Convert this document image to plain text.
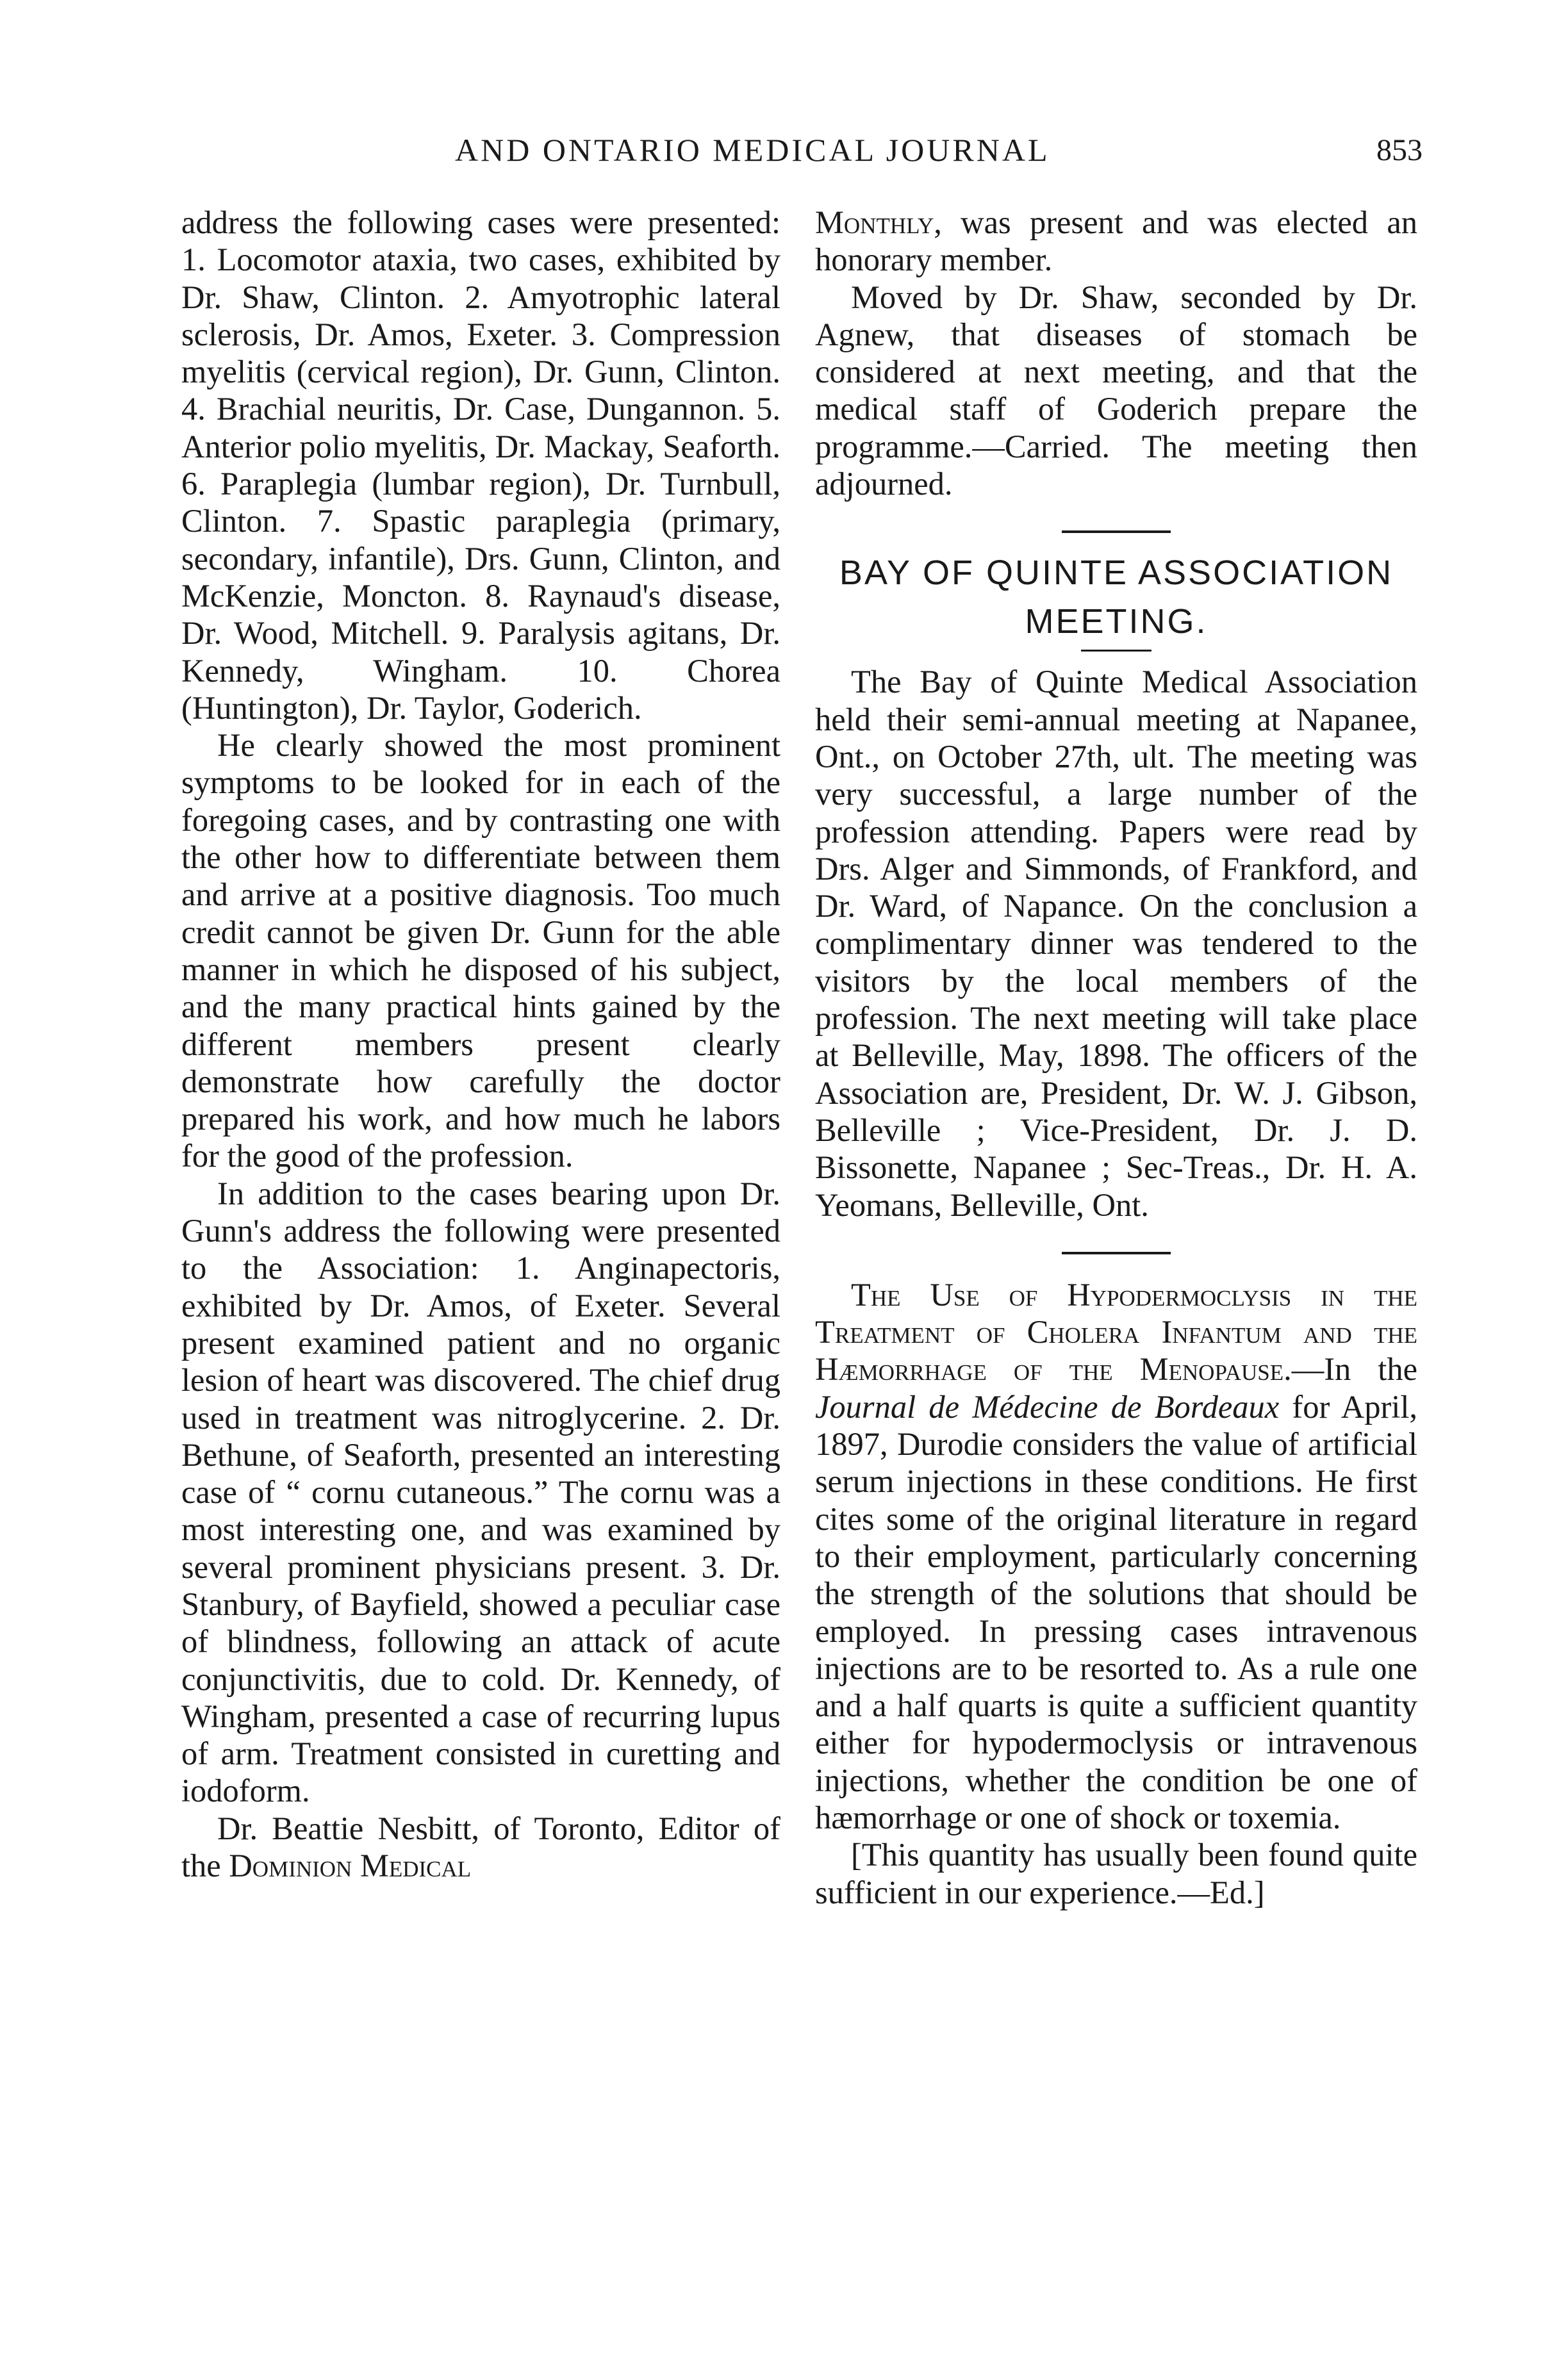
AND ONTARIO MEDICAL JOURNAL	853

address the following cases were presented: 1. Locomotor ataxia, two cases, exhibited by Dr. Shaw, Clinton. 2. Amyotrophic lateral sclerosis, Dr. Amos, Exeter. 3. Compression myelitis (cervical region), Dr. Gunn, Clinton. 4. Brachial neuritis, Dr. Case, Dungannon. 5. Anterior polio myelitis, Dr. Mackay, Seaforth. 6. Paraplegia (lumbar region), Dr. Turnbull, Clinton. 7. Spastic paraplegia (primary, secondary, infantile), Drs. Gunn, Clinton, and McKenzie, Moncton. 8. Raynaud's disease, Dr. Wood, Mitchell. 9. Paralysis agitans, Dr. Kennedy, Wingham. 10. Chorea (Huntington), Dr. Taylor, Goderich.

He clearly showed the most prominent symptoms to be looked for in each of the foregoing cases, and by contrasting one with the other how to differentiate between them and arrive at a positive diagnosis. Too much credit cannot be given Dr. Gunn for the able manner in which he disposed of his subject, and the many practical hints gained by the different members present clearly demonstrate how carefully the doctor prepared his work, and how much he labors for the good of the profession.

In addition to the cases bearing upon Dr. Gunn's address the following were presented to the Association: 1. Anginapectoris, exhibited by Dr. Amos, of Exeter. Several present examined patient and no organic lesion of heart was discovered. The chief drug used in treatment was nitroglycerine. 2. Dr. Bethune, of Seaforth, presented an interesting case of “ cornu cutaneous.” The cornu was a most interesting one, and was examined by several prominent physicians present. 3. Dr. Stanbury, of Bayfield, showed a peculiar case of blindness, following an attack of acute conjunctivitis, due to cold. Dr. Kennedy, of Wingham, presented a case of recurring lupus of arm. Treatment consisted in curetting and iodoform.

Dr. Beattie Nesbitt, of Toronto, Editor of the Dominion Medical

Monthly, was present and was elected an honorary member.

Moved by Dr. Shaw, seconded by Dr. Agnew, that diseases of stomach be considered at next meeting, and that the medical staff of Goderich prepare the programme.—Carried. The meeting then adjourned.

BAY OF QUINTE ASSOCIATION
MEETING.

The Bay of Quinte Medical Association held their semi-annual meeting at Napanee, Ont., on October 27th, ult. The meeting was very successful, a large number of the profession attending. Papers were read by Drs. Alger and Simmonds, of Frankford, and Dr. Ward, of Napance. On the conclusion a complimentary dinner was tendered to the visitors by the local members of the profession. The next meeting will take place at Belleville, May, 1898. The officers of the Association are, President, Dr. W. J. Gibson, Belleville ; Vice-President, Dr. J. D. Bissonette, Napanee ; Sec-Treas., Dr. H. A. Yeomans, Belleville, Ont.

The Use of Hypodermoclysis in the Treatment of Cholera Infantum and the Hæmorrhage of the Menopause.—In the Journal de Médecine de Bordeaux for April, 1897, Durodie considers the value of artificial serum injections in these conditions. He first cites some of the original literature in regard to their employment, particularly concerning the strength of the solutions that should be employed. In pressing cases intravenous injections are to be resorted to. As a rule one and a half quarts is quite a sufficient quantity either for hypodermoclysis or intravenous injections, whether the condition be one of hæmorrhage or one of shock or toxemia.

[This quantity has usually been found quite sufficient in our experience.—Ed.]
